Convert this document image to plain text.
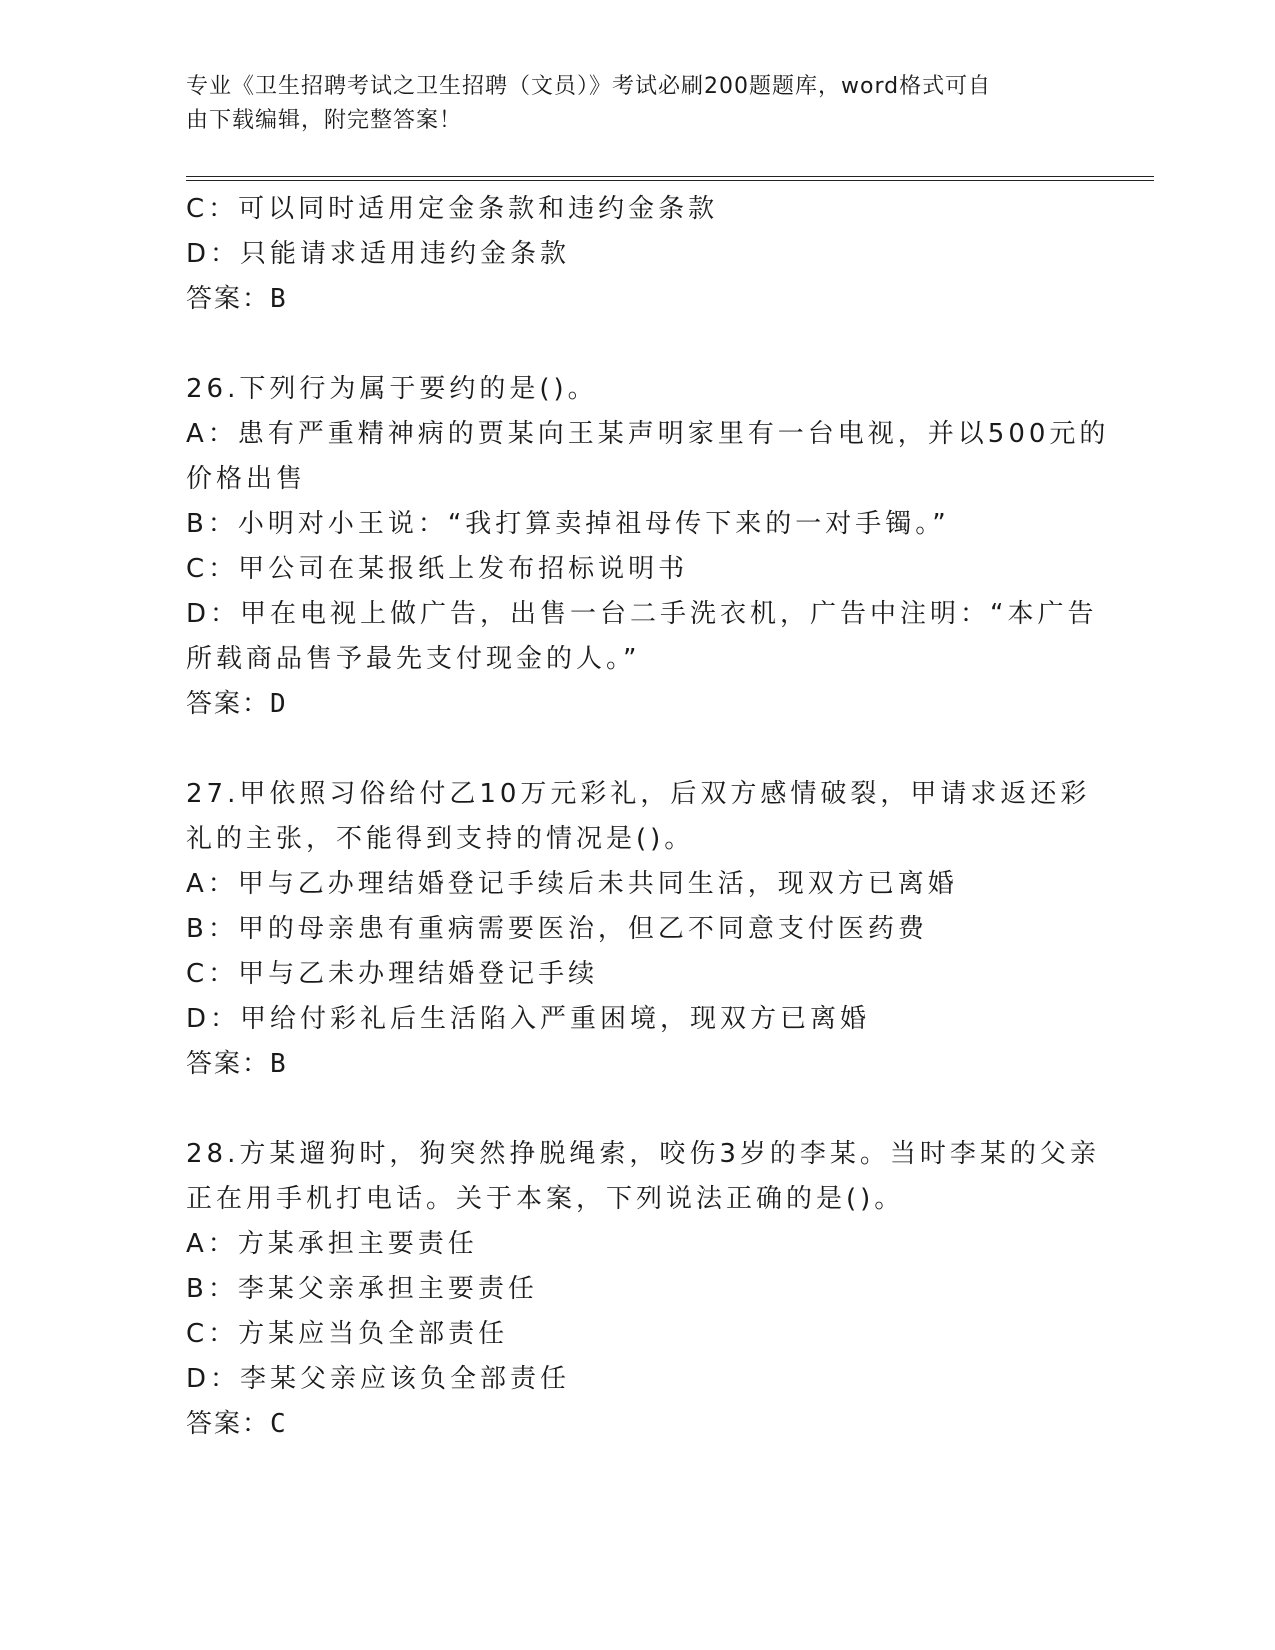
专业《卫生招聘考试之卫生招聘（文员）》考试必刷200题题库，word格式可自
由下载编辑，附完整答案！
C：可以同时适用定金条款和违约金条款
D：只能请求适用违约金条款
答案：B
26.下列行为属于要约的是()。
A：患有严重精神病的贾某向王某声明家里有一台电视，并以500元的
价格出售
B：小明对小王说：“我打算卖掉祖母传下来的一对手镯。”
C：甲公司在某报纸上发布招标说明书
D：甲在电视上做广告，出售一台二手洗衣机，广告中注明：“本广告
所载商品售予最先支付现金的人。”
答案：D
27.甲依照习俗给付乙10万元彩礼，后双方感情破裂，甲请求返还彩
礼的主张，不能得到支持的情况是()。
A：甲与乙办理结婚登记手续后未共同生活，现双方已离婚
B：甲的母亲患有重病需要医治，但乙不同意支付医药费
C：甲与乙未办理结婚登记手续
D：甲给付彩礼后生活陷入严重困境，现双方已离婚
答案：B
28.方某遛狗时，狗突然挣脱绳索，咬伤3岁的李某。当时李某的父亲
正在用手机打电话。关于本案，下列说法正确的是()。
A：方某承担主要责任
B：李某父亲承担主要责任
C：方某应当负全部责任
D：李某父亲应该负全部责任
答案：C
